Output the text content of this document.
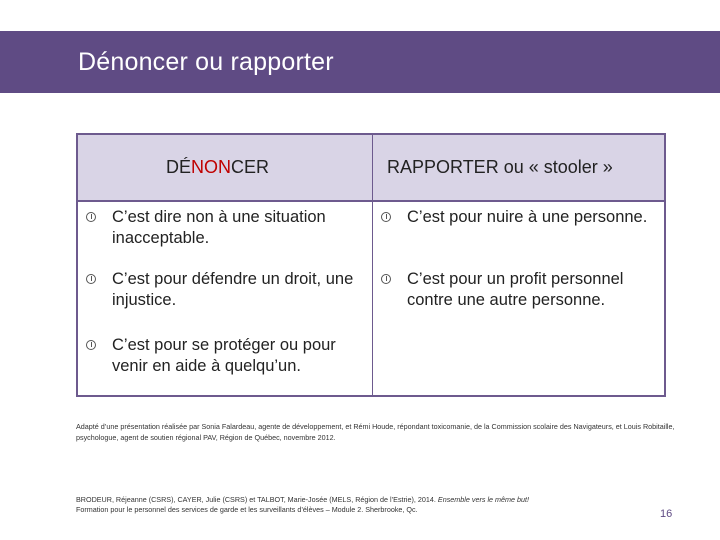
Dénoncer ou rapporter
DÉNONCER	RAPPORTER ou « stooler »
C’est dire non à une situation inacceptable.
C’est pour défendre un droit, une injustice.
C’est pour se protéger ou pour venir en aide à quelqu’un.
C’est pour nuire à une personne.
C’est pour un profit personnel contre une autre personne.
Adapté d’une présentation réalisée par Sonia Falardeau, agente de développement, et Rémi Houde, répondant toxicomanie, de la Commission scolaire des Navigateurs, et Louis Robitaille, psychologue, agent de soutien régional PAV, Région de Québec, novembre 2012.
BRODEUR, Réjeanne (CSRS), CAYER, Julie (CSRS) et TALBOT, Marie-Josée (MELS, Région de l’Estrie), 2014. Ensemble vers le même but!
Formation pour le personnel des services de garde et les surveillants d’élèves – Module 2. Sherbrooke, Qc.	16
